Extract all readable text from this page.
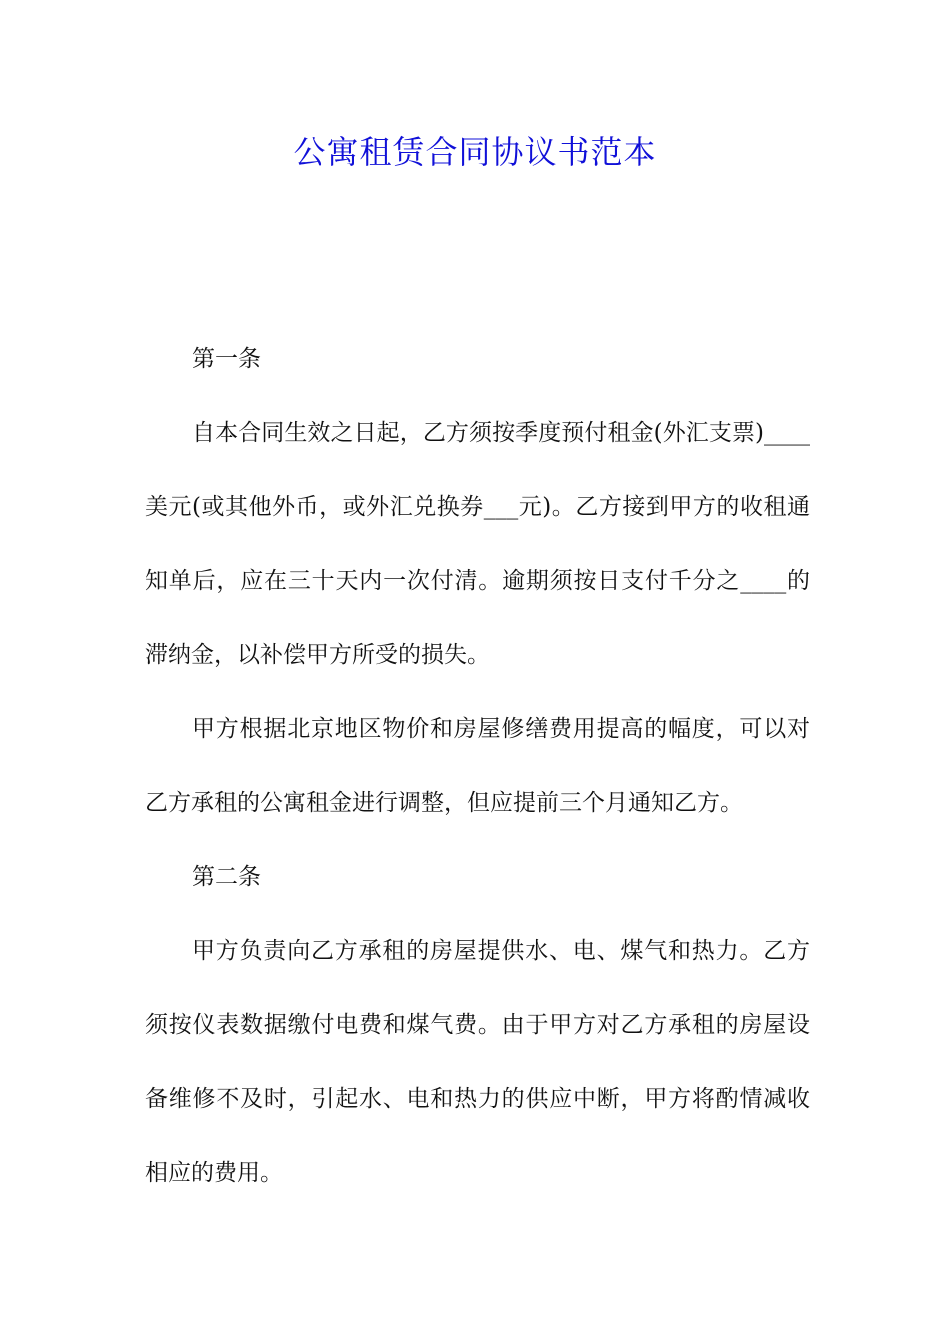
公寓租赁合同协议书范本

第一条

自本合同生效之日起，乙方须按季度预付租金(外汇支票)____美元(或其他外币，或外汇兑换券___元)。乙方接到甲方的收租通知单后，应在三十天内一次付清。逾期须按日支付千分之____的滞纳金，以补偿甲方所受的损失。

甲方根据北京地区物价和房屋修缮费用提高的幅度，可以对乙方承租的公寓租金进行调整，但应提前三个月通知乙方。

第二条

甲方负责向乙方承租的房屋提供水、电、煤气和热力。乙方须按仪表数据缴付电费和煤气费。由于甲方对乙方承租的房屋设备维修不及时，引起水、电和热力的供应中断，甲方将酌情减收相应的费用。
